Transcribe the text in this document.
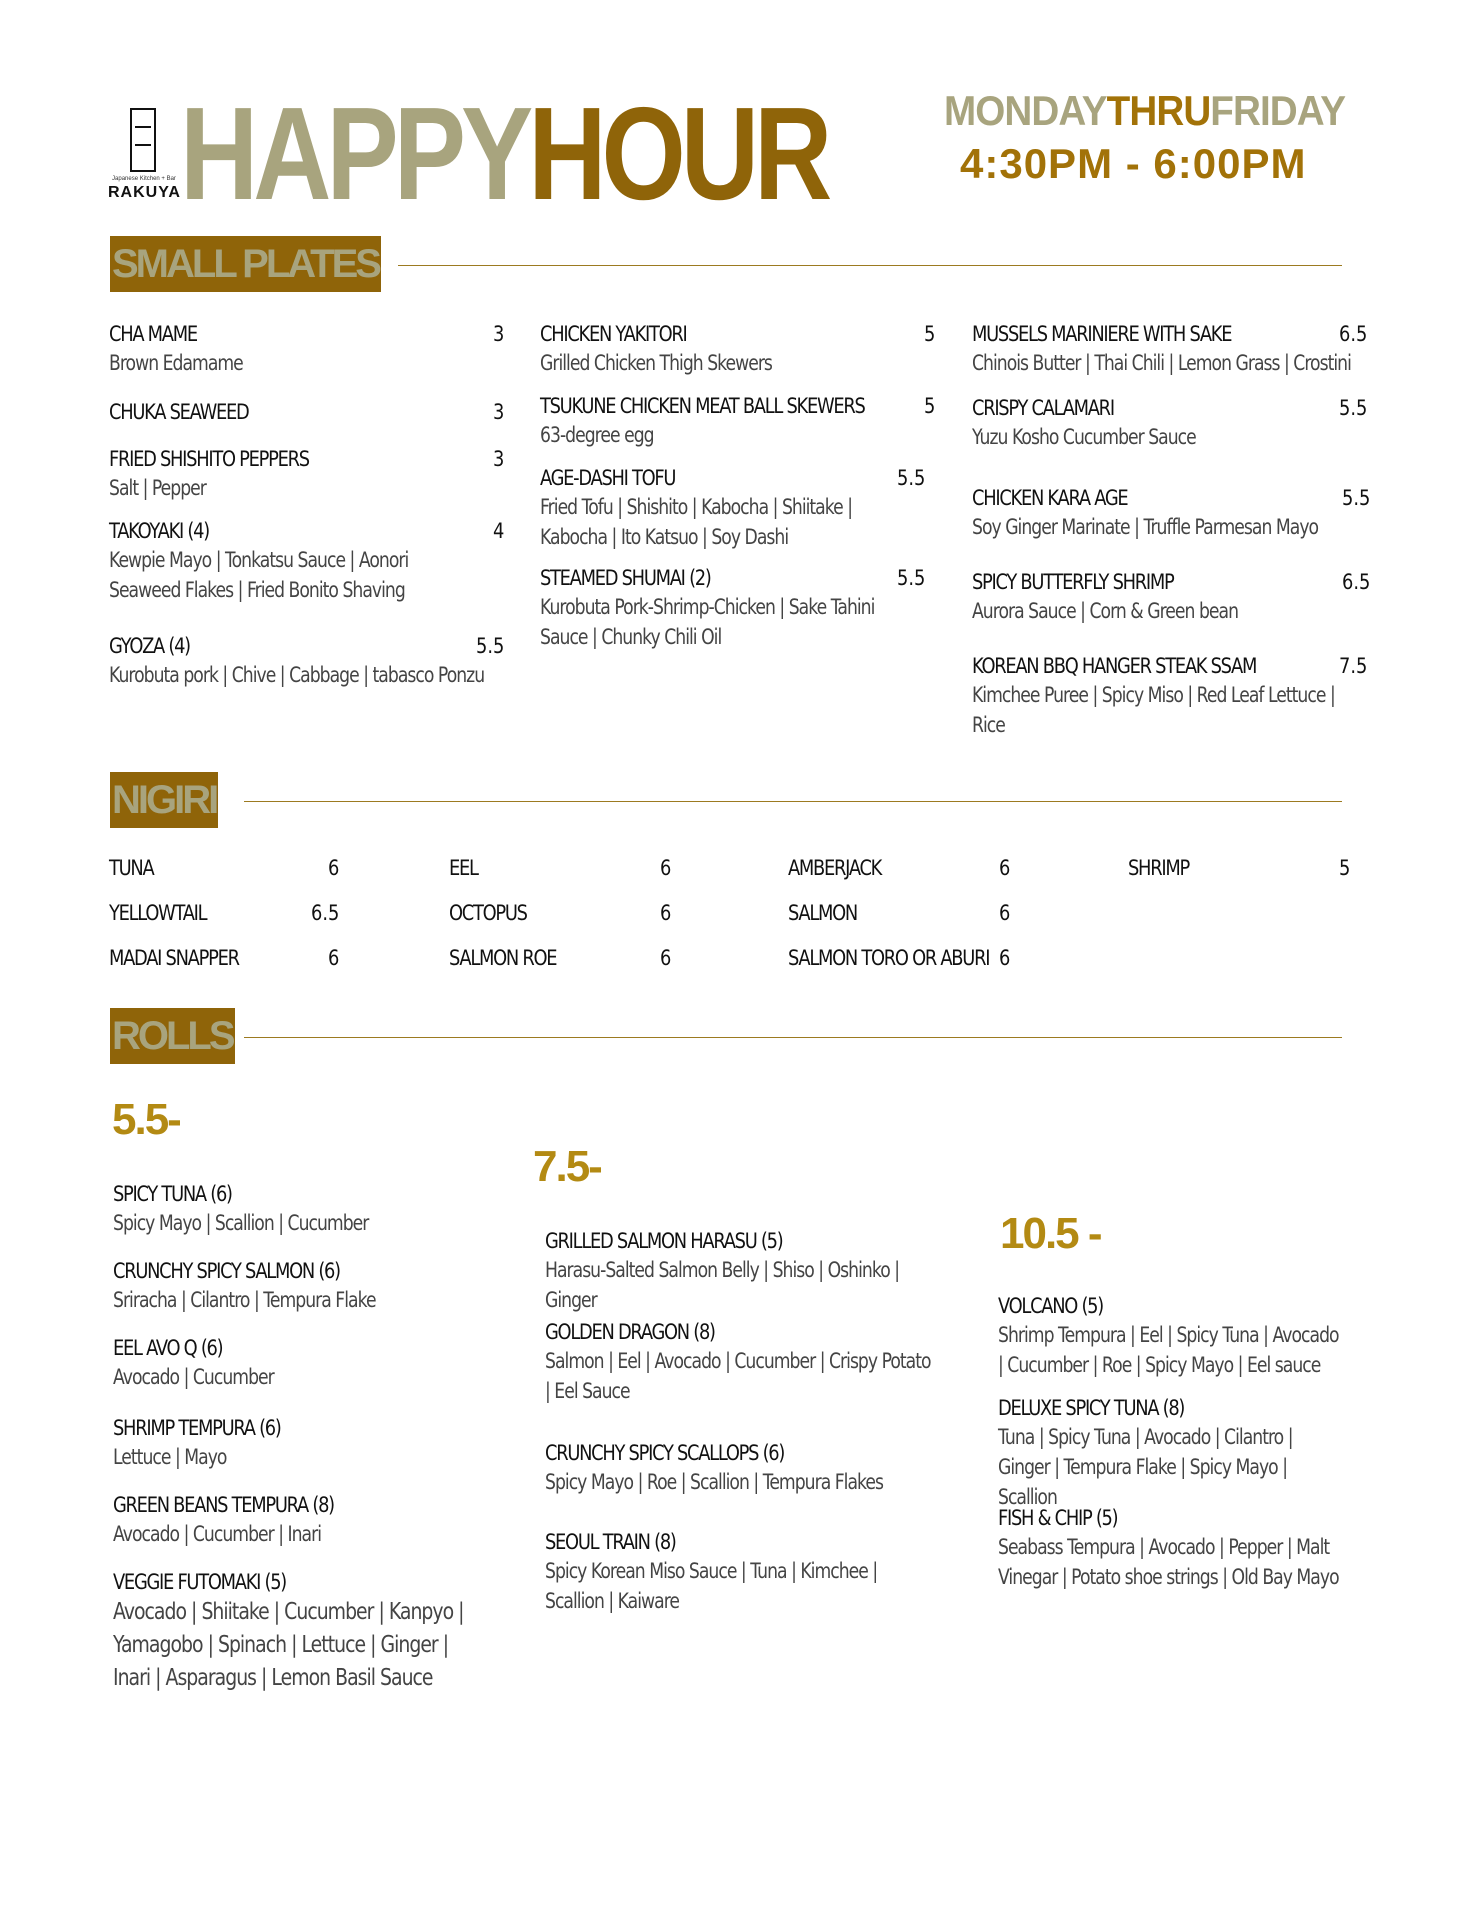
Japanese Kitchen + Bar
RAKUYA HAPPYHOUR	MONDAYTHRUFRIDAY
4:30PM - 6:00PM
SMALL PLATES
CHA MAME	3
Brown Edamame
CHUKA SEAWEED	3
FRIED SHISHITO PEPPERS	3
Salt | Pepper
TAKOYAKI (4)	4
Kewpie Mayo | Tonkatsu Sauce | Aonori Seaweed Flakes | Fried Bonito Shaving
GYOZA (4)	5.5
Kurobuta pork | Chive | Cabbage | tabasco Ponzu
CHICKEN YAKITORI	5
Grilled Chicken Thigh Skewers
TSUKUNE CHICKEN MEAT BALL SKEWERS	5
63-degree egg
AGE-DASHI TOFU	5.5
Fried Tofu | Shishito | Kabocha | Shiitake | Kabocha | Ito Katsuo | Soy Dashi
STEAMED SHUMAI (2)	5.5
Kurobuta Pork-Shrimp-Chicken | Sake Tahini Sauce | Chunky Chili Oil
MUSSELS MARINIERE WITH SAKE	6.5
Chinois Butter | Thai Chili | Lemon Grass | Crostini
CRISPY CALAMARI	5.5
Yuzu Kosho Cucumber Sauce
CHICKEN KARA AGE	5.5
Soy Ginger Marinate | Truffle Parmesan Mayo
SPICY BUTTERFLY SHRIMP	6.5
Aurora Sauce | Corn & Green bean
KOREAN BBQ HANGER STEAK SSAM	7.5
Kimchee Puree | Spicy Miso | Red Leaf Lettuce | Rice
NIGIRI
TUNA	6
YELLOWTAIL	6.5
MADAI SNAPPER	6
EEL	6
OCTOPUS	6
SALMON ROE	6
AMBERJACK	6
SALMON	6
SALMON TORO OR ABURI 6
SHRIMP	5
ROLLS
5.5-
SPICY TUNA (6)
Spicy Mayo | Scallion | Cucumber
CRUNCHY SPICY SALMON (6)
Sriracha | Cilantro | Tempura Flake
EEL AVO Q (6)
Avocado | Cucumber
SHRIMP TEMPURA (6)
Lettuce | Mayo
GREEN BEANS TEMPURA (8)
Avocado | Cucumber | Inari
VEGGIE FUTOMAKI (5)
Avocado | Shiitake | Cucumber | Kanpyo | Yamagobo | Spinach | Lettuce | Ginger | Inari | Asparagus | Lemon Basil Sauce
7.5-
GRILLED SALMON HARASU (5)
Harasu-Salted Salmon Belly | Shiso | Oshinko | Ginger
GOLDEN DRAGON (8)
Salmon | Eel | Avocado | Cucumber | Crispy Potato | Eel Sauce
CRUNCHY SPICY SCALLOPS (6)
Spicy Mayo | Roe | Scallion | Tempura Flakes
SEOUL TRAIN (8)
Spicy Korean Miso Sauce | Tuna | Kimchee | Scallion | Kaiware
10.5 -
VOLCANO (5)
Shrimp Tempura | Eel | Spicy Tuna | Avocado | Cucumber | Roe | Spicy Mayo | Eel sauce
DELUXE SPICY TUNA (8)
Tuna | Spicy Tuna | Avocado | Cilantro | Ginger | Tempura Flake | Spicy Mayo | Scallion
FISH & CHIP (5)
Seabass Tempura | Avocado | Pepper | Malt Vinegar | Potato shoe strings | Old Bay Mayo
